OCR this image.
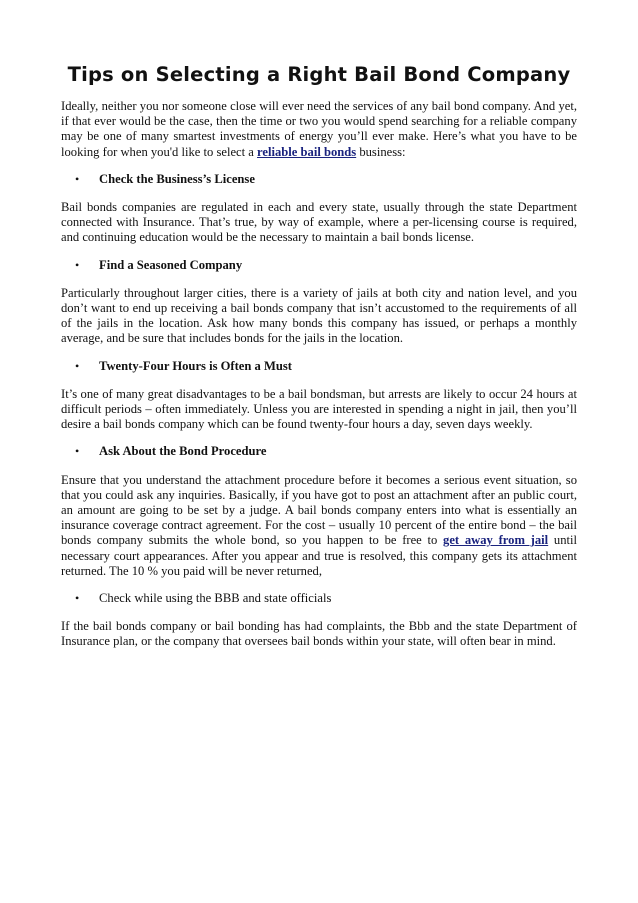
Tips on Selecting a Right Bail Bond Company

Ideally, neither you nor someone close will ever need the services of any bail bond company. And yet, if that ever would be the case, then the time or two you would spend searching for a reliable company may be one of many smartest investments of energy you’ll ever make. Here’s what you have to be looking for when you'd like to select a reliable bail bonds business:

•	Check the Business’s License

Bail bonds companies are regulated in each and every state, usually through the state Department connected with Insurance. That’s true, by way of example, where a per-licensing course is required, and continuing education would be the necessary to maintain a bail bonds license.

•	Find a Seasoned Company

Particularly throughout larger cities, there is a variety of jails at both city and nation level, and you don’t want to end up receiving a bail bonds company that isn’t accustomed to the requirements of all of the jails in the location. Ask how many bonds this company has issued, or perhaps a monthly average, and be sure that includes bonds for the jails in the location.

•	Twenty-Four Hours is Often a Must

It’s one of many great disadvantages to be a bail bondsman, but arrests are likely to occur 24 hours at difficult periods – often immediately. Unless you are interested in spending a night in jail, then you’ll desire a bail bonds company which can be found twenty-four hours a day, seven days weekly.

•	Ask About the Bond Procedure

Ensure that you understand the attachment procedure before it becomes a serious event situation, so that you could ask any inquiries. Basically, if you have got to post an attachment after an public court, an amount are going to be set by a judge. A bail bonds company enters into what is essentially an insurance coverage contract agreement. For the cost – usually 10 percent of the entire bond – the bail bonds company submits the whole bond, so you happen to be free to get away from jail until necessary court appearances. After you appear and true is resolved, this company gets its attachment returned. The 10 % you paid will be never returned,

•	Check while using the BBB and state officials

If the bail bonds company or bail bonding has had complaints, the Bbb and the state Department of Insurance plan, or the company that oversees bail bonds within your state, will often bear in mind.
